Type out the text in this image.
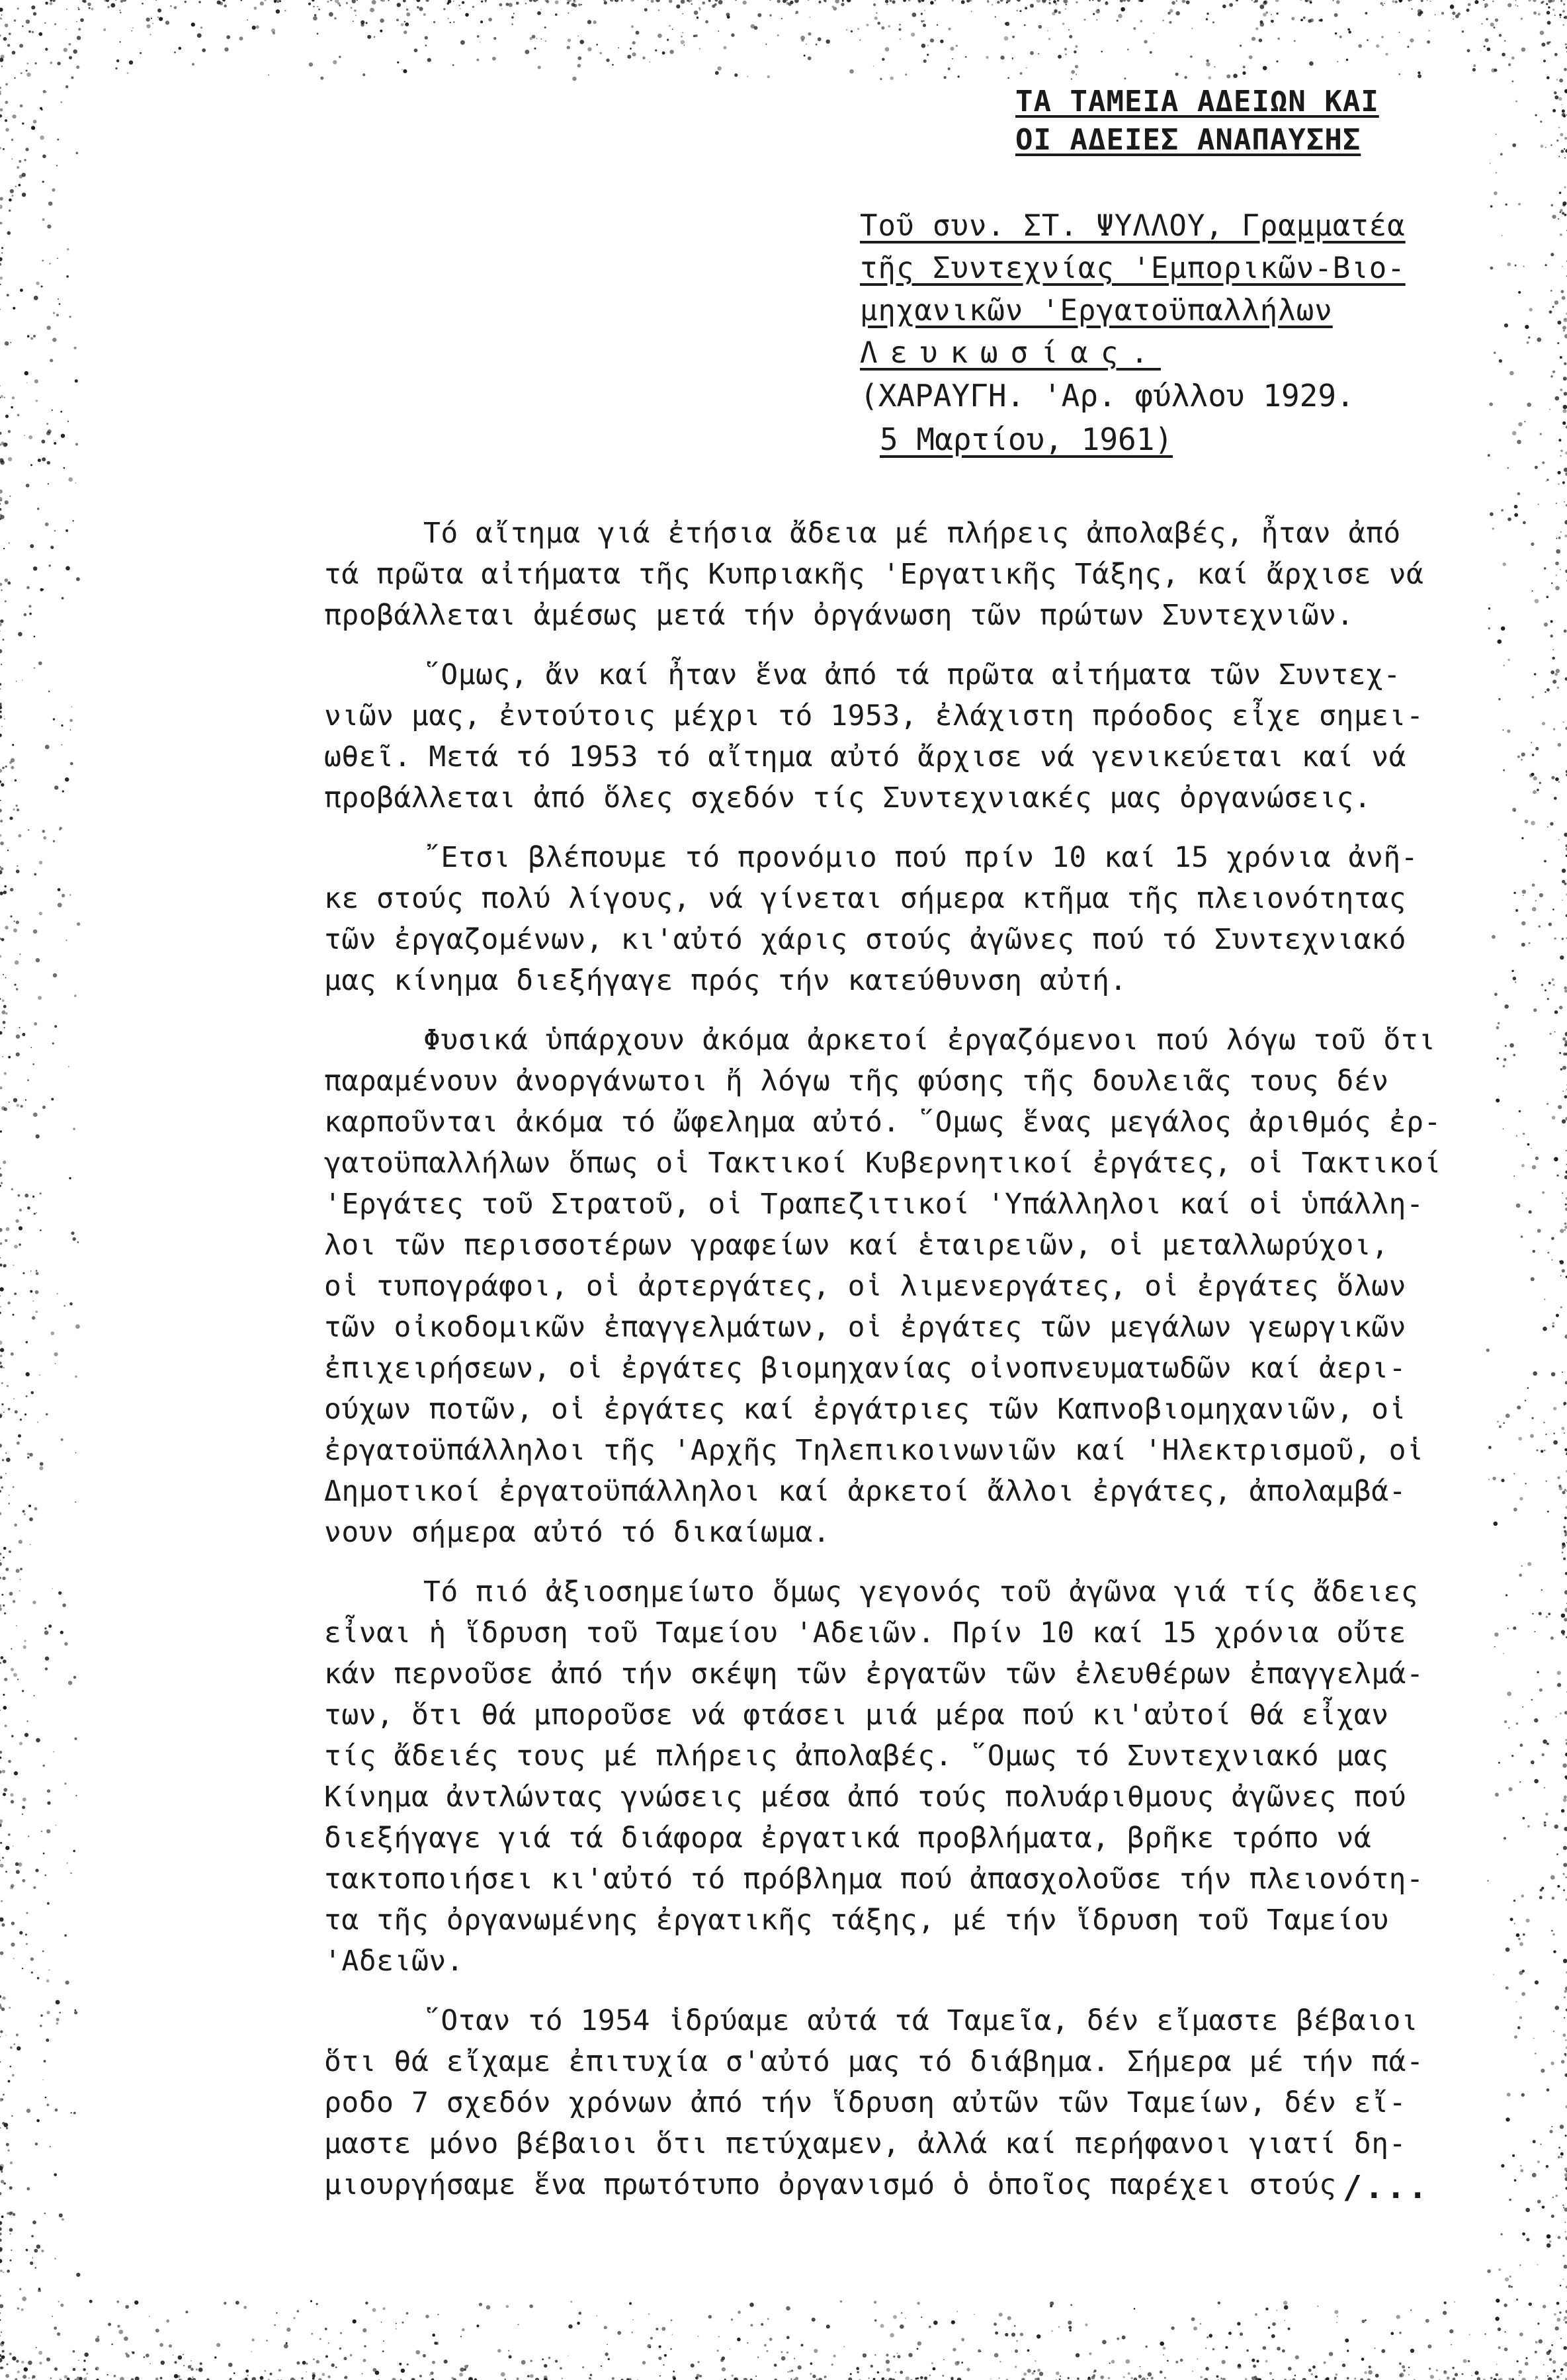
ΤΑ ΤΑΜΕΙΑ ΑΔΕΙΩΝ ΚΑΙ

ΟΙ ΑΔΕΙΕΣ ΑΝΑΠΑΥΣΗΣ

Τοῦ συν. ΣΤ. ΨΥΛΛΟΥ, Γραμματέα

τῆς Συντεχνίας 'Εμπορικῶν-Βιο-

μηχανικῶν 'Εργατοϋπαλλήλων

Λευκωσίας.

(ΧΑΡΑΥΓΗ. 'Αρ. φύλλου 1929.

5 Μαρτίου, 1961)

Τό αἴτημα γιά ἐτήσια ἄδεια μέ πλήρεις ἀπολαβές, ἦταν ἀπό

τά πρῶτα αἰτήματα τῆς Κυπριακῆς 'Εργατικῆς Τάξης, καί ἄρχισε νά

προβάλλεται ἀμέσως μετά τήν ὀργάνωση τῶν πρώτων Συντεχνιῶν.

῞Ομως, ἄν καί ἦταν ἕνα ἀπό τά πρῶτα αἰτήματα τῶν Συντεχ-

νιῶν μας, ἐντούτοις μέχρι τό 1953, ἐλάχιστη πρόοδος εἶχε σημει-

ωθεῖ. Μετά τό 1953 τό αἴτημα αὐτό ἄρχισε νά γενικεύεται καί νά

προβάλλεται ἀπό ὅλες σχεδόν τίς Συντεχνιακές μας ὀργανώσεις.

῎Ετσι βλέπουμε τό προνόμιο πού πρίν 10 καί 15 χρόνια ἀνῆ-

κε στούς πολύ λίγους, νά γίνεται σήμερα κτῆμα τῆς πλειονότητας

τῶν ἐργαζομένων, κι'αὐτό χάρις στούς ἀγῶνες πού τό Συντεχνιακό

μας κίνημα διεξήγαγε πρός τήν κατεύθυνση αὐτή.

Φυσικά ὑπάρχουν ἀκόμα ἀρκετοί ἐργαζόμενοι πού λόγω τοῦ ὅτι

παραμένουν ἀνοργάνωτοι ἤ λόγω τῆς φύσης τῆς δουλειᾶς τους δέν

καρποῦνται ἀκόμα τό ὤφελημα αὐτό. ῞Ομως ἕνας μεγάλος ἀριθμός ἐρ-

γατοϋπαλλήλων ὅπως οἱ Τακτικοί Κυβερνητικοί ἐργάτες, οἱ Τακτικοί

'Εργάτες τοῦ Στρατοῦ, οἱ Τραπεζιτικοί 'Υπάλληλοι καί οἱ ὑπάλλη-

λοι τῶν περισσοτέρων γραφείων καί ἑταιρειῶν, οἱ μεταλλωρύχοι,

οἱ τυπογράφοι, οἱ ἀρτεργάτες, οἱ λιμενεργάτες, οἱ ἐργάτες ὅλων

τῶν οἰκοδομικῶν ἐπαγγελμάτων, οἱ ἐργάτες τῶν μεγάλων γεωργικῶν

ἐπιχειρήσεων, οἱ ἐργάτες βιομηχανίας οἰνοπνευματωδῶν καί ἀερι-

ούχων ποτῶν, οἱ ἐργάτες καί ἐργάτριες τῶν Καπνοβιομηχανιῶν, οἱ

ἐργατοϋπάλληλοι τῆς 'Αρχῆς Τηλεπικοινωνιῶν καί 'Ηλεκτρισμοῦ, οἱ

Δημοτικοί ἐργατοϋπάλληλοι καί ἀρκετοί ἄλλοι ἐργάτες, ἀπολαμβά-

νουν σήμερα αὐτό τό δικαίωμα.

Τό πιό ἀξιοσημείωτο ὅμως γεγονός τοῦ ἀγῶνα γιά τίς ἄδειες

εἶναι ἡ ἵδρυση τοῦ Ταμείου 'Αδειῶν. Πρίν 10 καί 15 χρόνια οὔτε

κάν περνοῦσε ἀπό τήν σκέψη τῶν ἐργατῶν τῶν ἐλευθέρων ἐπαγγελμά-

των, ὅτι θά μποροῦσε νά φτάσει μιά μέρα πού κι'αὐτοί θά εἶχαν

τίς ἄδειές τους μέ πλήρεις ἀπολαβές. ῞Ομως τό Συντεχνιακό μας

Κίνημα ἀντλώντας γνώσεις μέσα ἀπό τούς πολυάριθμους ἀγῶνες πού

διεξήγαγε γιά τά διάφορα ἐργατικά προβλήματα, βρῆκε τρόπο νά

τακτοποιήσει κι'αὐτό τό πρόβλημα πού ἀπασχολοῦσε τήν πλειονότη-

τα τῆς ὀργανωμένης ἐργατικῆς τάξης, μέ τήν ἵδρυση τοῦ Ταμείου

'Αδειῶν.

῞Οταν τό 1954 ἱδρύαμε αὐτά τά Ταμεῖα, δέν εἴμαστε βέβαιοι

ὅτι θά εἴχαμε ἐπιτυχία σ'αὐτό μας τό διάβημα. Σήμερα μέ τήν πά-

ροδο 7 σχεδόν χρόνων ἀπό τήν ἵδρυση αὐτῶν τῶν Ταμείων, δέν εἴ-

μαστε μόνο βέβαιοι ὅτι πετύχαμεν, ἀλλά καί περήφανοι γιατί δη-

μιουργήσαμε ἕνα πρωτότυπο ὀργανισμό ὁ ὁποῖος παρέχει στούς /...
